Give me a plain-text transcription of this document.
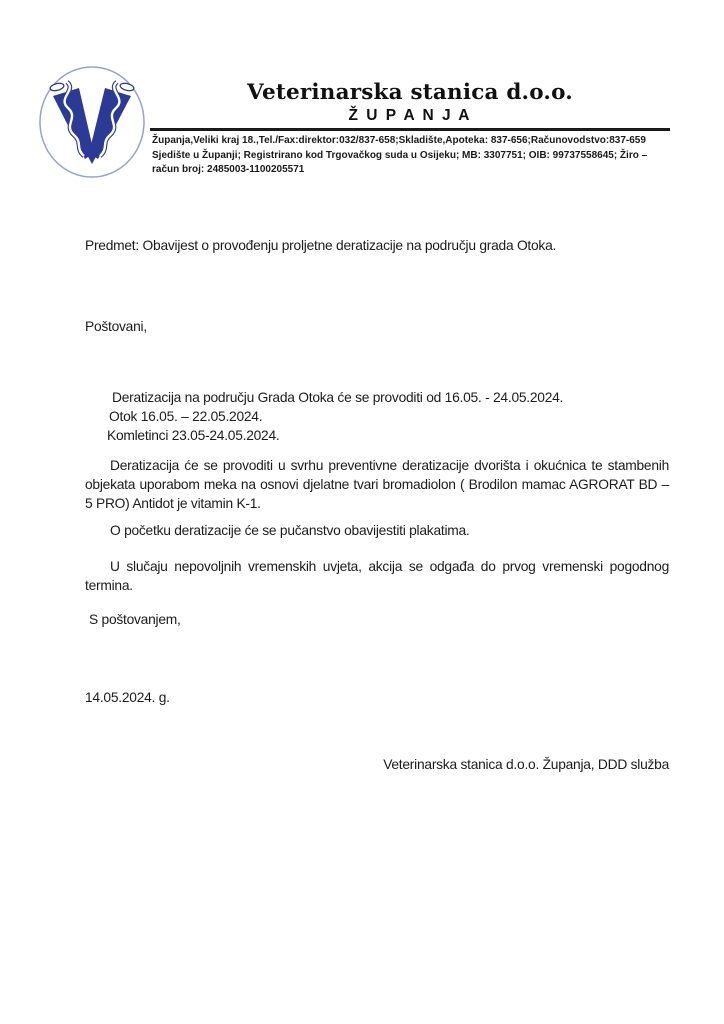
Veterinarska stanica d.o.o.
Ž U P A N J A
Županja,Veliki kraj 18.,Tel./Fax:direktor:032/837-658;Skladište,Apoteka: 837-656;Računovodstvo:837-659
Sjedište u Županji; Registrirano kod Trgovačkog suda u Osijeku; MB: 3307751; OIB: 99737558645; Žiro –
račun broj: 2485003-1100205571
Predmet: Obavijest o provođenju proljetne deratizacije na području grada Otoka.
Poštovani,
Deratizacija na području Grada Otoka će se provoditi od 16.05. - 24.05.2024.
Otok 16.05. – 22.05.2024.
Komletinci 23.05-24.05.2024.
Deratizacija će se provoditi u svrhu preventivne deratizacije dvorišta i okućnica te stambenih objekata uporabom meka na osnovi djelatne tvari bromadiolon ( Brodilon mamac AGRORAT BD – 5 PRO) Antidot je vitamin K-1.
O početku deratizacije će se pučanstvo obavijestiti plakatima.
U slučaju nepovoljnih vremenskih uvjeta, akcija se odgađa do prvog vremenski pogodnog termina.
S poštovanjem,
14.05.2024. g.
Veterinarska stanica d.o.o. Županja, DDD služba
